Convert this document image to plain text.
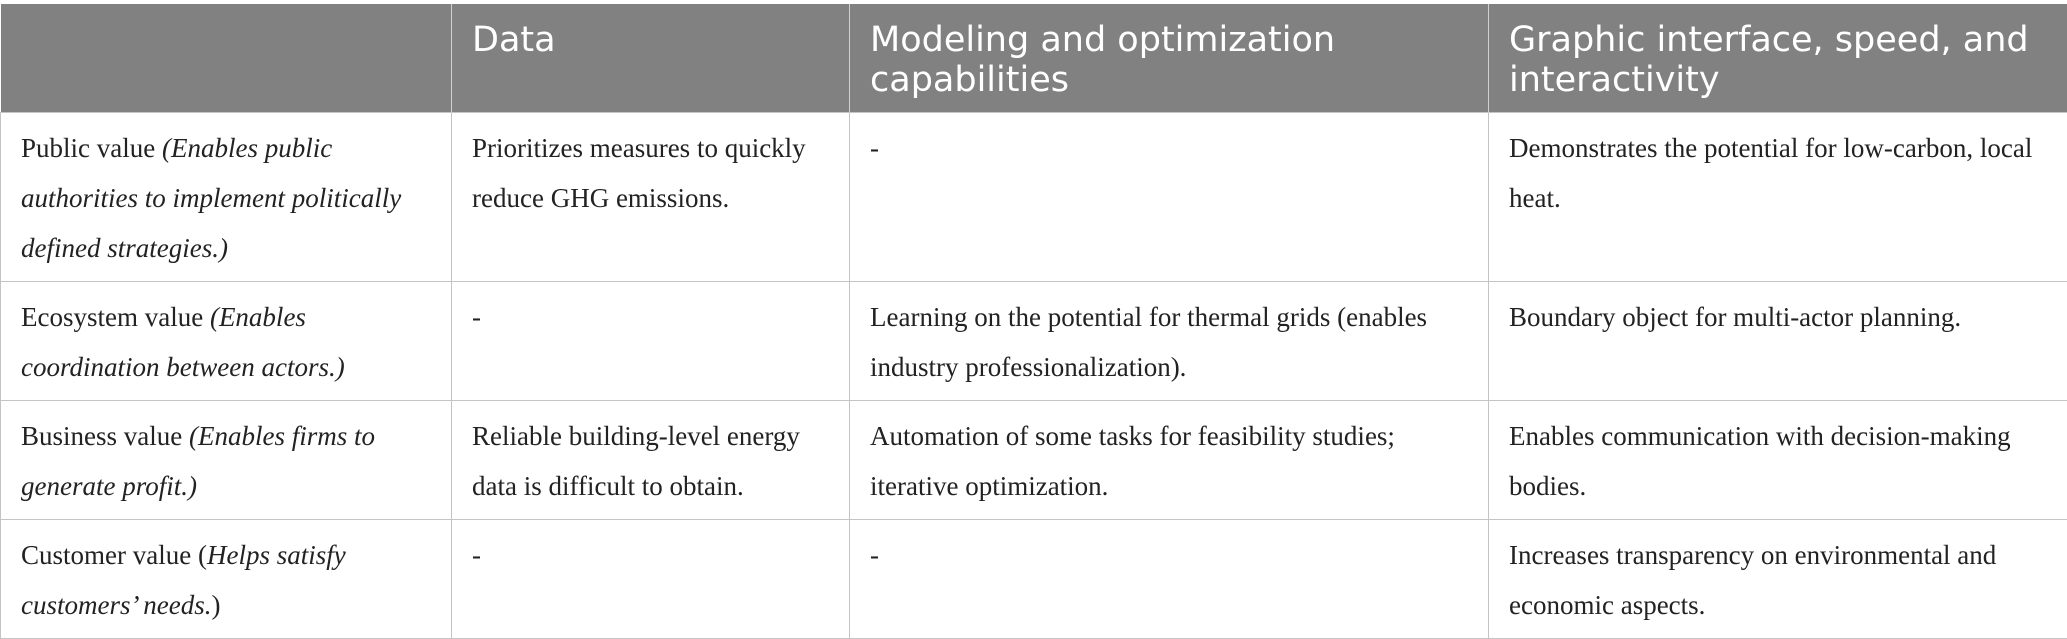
	Data	Modeling and optimization capabilities	Graphic interface, speed, and interactivity
Public value (Enables public authorities to implement politically defined strategies.)	Prioritizes measures to quickly reduce GHG emissions.	-	Demonstrates the potential for low-carbon, local heat.
Ecosystem value (Enables coordination between actors.)	-	Learning on the potential for thermal grids (enables industry professionalization).	Boundary object for multi-actor planning.
Business value (Enables firms to generate profit.)	Reliable building-level energy data is difficult to obtain.	Automation of some tasks for feasibility studies; iterative optimization.	Enables communication with decision-making bodies.
Customer value (Helps satisfy customers’ needs.)	-	-	Increases transparency on environmental and economic aspects.
